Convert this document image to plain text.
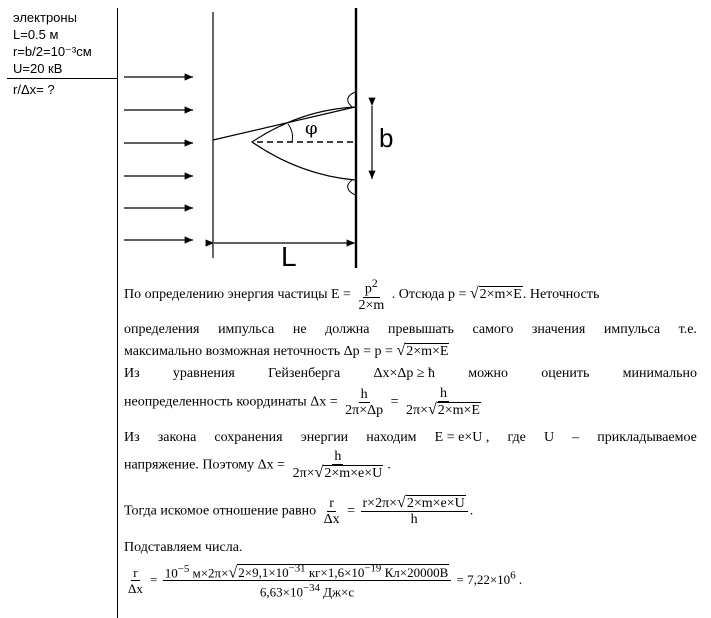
электроны
L=0.5 м
r=b/2=10⁻³см
U=20 кВ
r/Δx= ?
φ b
L
По определению энергия частицы $E = \frac{p^2}{2\times m}$ . Отсюда p = √2×m×E. Неточность
определения импульса не должна превышать самого значения импульса т.е.
максимально возможная неточность Δp = p = √2×m×E
Из уравнения Гейзенберга Δx×Δp ≥ ħ можно оценить минимально
неопределенность координаты $\Delta x = \frac{h}{2\pi\times\Delta p} = \frac{h}{2\pi\times√2\times m\times E}$
Из закона сохранения энергии находим E = e×U , где U – прикладываемое
напряжение. Поэтому $\Delta x = \frac{h}{2\pi\times√2\times m\times e\times U}$ .
Тогда искомое отношение равно $\frac{r}{\Delta x} = \frac{r\times 2\pi\times√2\times m\times e\times U}{h}$ .
Подставляем числа.
$\frac{r}{\Delta x} = \frac{10^{-5} м\times 2\pi\times√2\times 9,1\times 10^{-31} кг\times 1,6\times 10^{-19} Кл\times 20000В}{6,63\times 10^{-34} Дж\times с} = 7,22\times 10^6$ .
